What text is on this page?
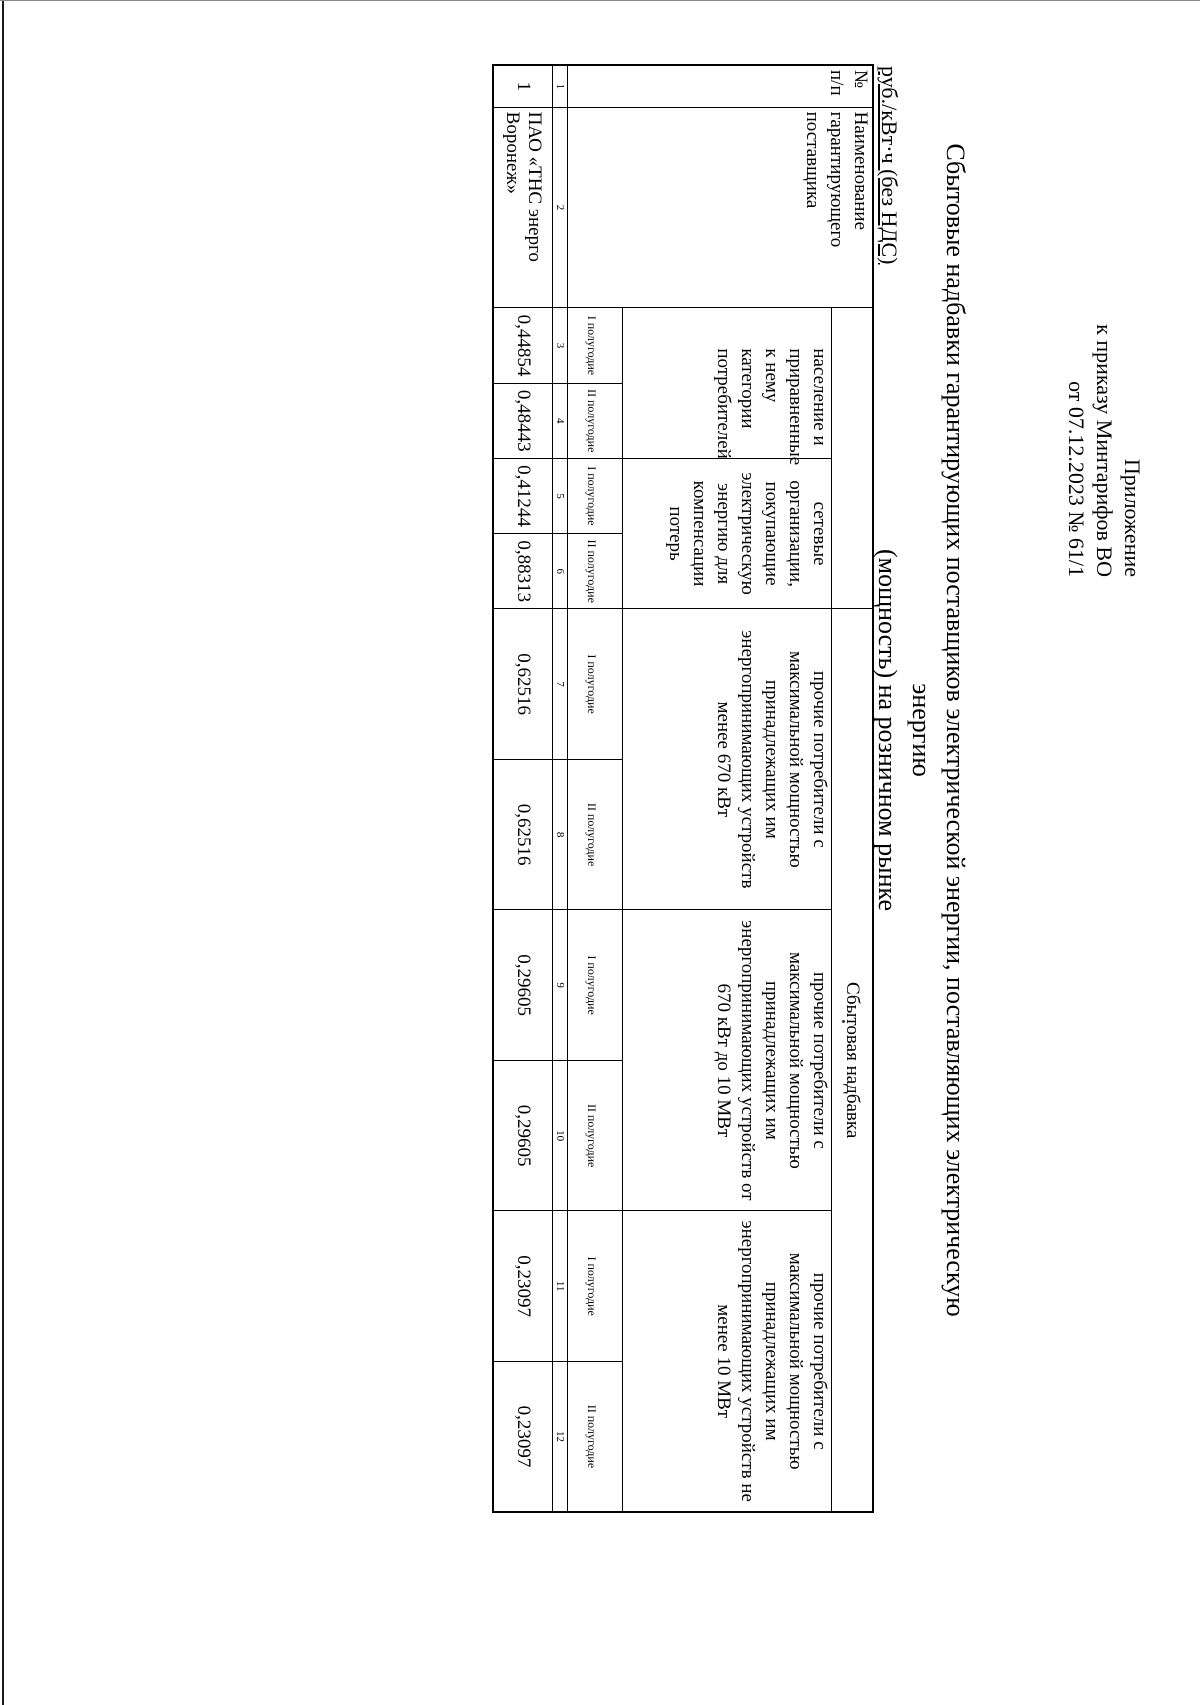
Приложение
к приказу Минтарифов ВО
от 07.12.2023 № 61/1
Сбытовые надбавки гарантирующих поставщиков электрической энергии, поставляющих электрическую энергию
(мощность) на розничном рынке
руб./кВт·ч (без НДС)
№ п/п	Наименование гарантирующего поставщика					Сбытовая надбавка					
		население и приравненные к нему категории потребителей		сетевые организации, покупающие электрическую энергию для компенсации потерь		прочие потребители с максимальной мощностью принадлежащих им энергопринимающих устройств менее 670 кВт		прочие потребители с максимальной мощностью принадлежащих им энергопринимающих устройств от 670 кВт до 10 МВт		прочие потребители с максимальной мощностью принадлежащих им энергопринимающих устройств не менее 10 МВт	
		I полугодие	II полугодие	I полугодие	II полугодие	I полугодие	II полугодие	I полугодие	II полугодие	I полугодие	II полугодие
1	2	3	4	5	6	7	8	9	10	11	12
1	ПАО «ТНС энерго Воронеж»	0,44854	0,48443	0,41244	0,88313	0,62516	0,62516	0,29605	0,29605	0,23097	0,23097
